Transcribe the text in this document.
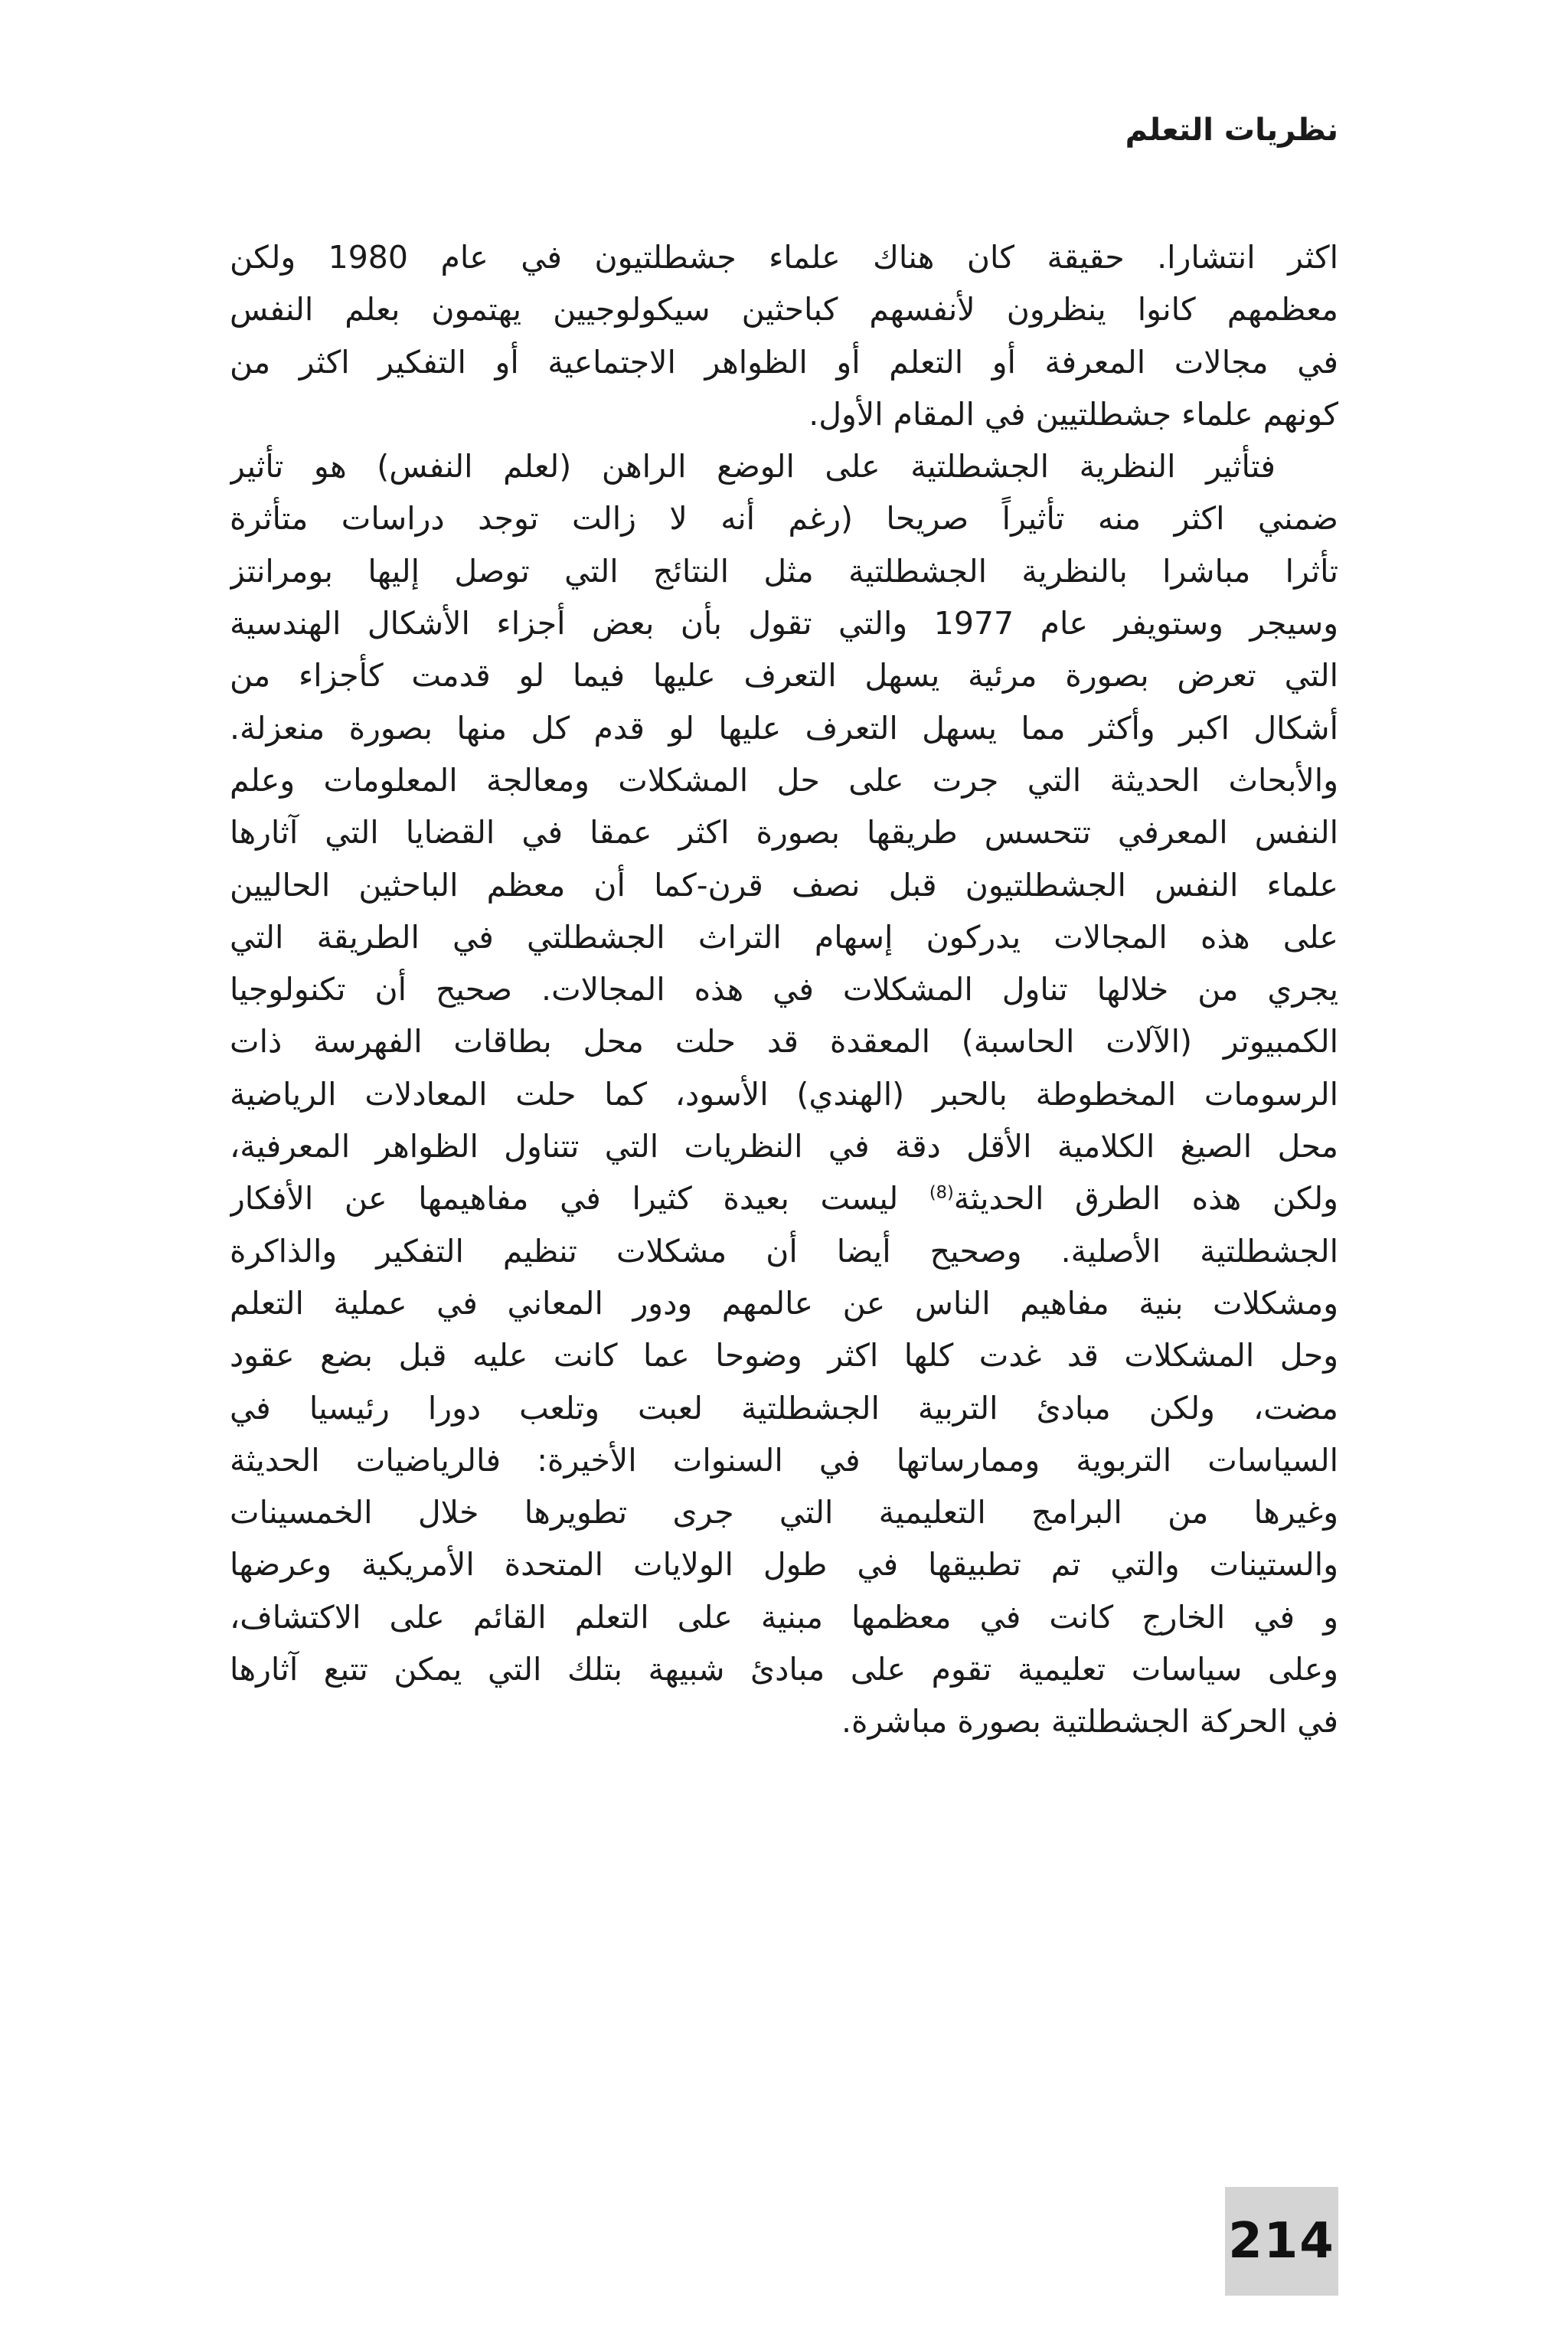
نظريات التعلم
اكثر انتشارا. حقيقة كان هناك علماء جشطلتيون في عام 1980 ولكن
معظمهم كانوا ينظرون لأنفسهم كباحثين سيكولوجيين يهتمون بعلم النفس
في مجالات المعرفة أو التعلم أو الظواهر الاجتماعية أو التفكير اكثر من
كونهم علماء جشطلتيين في المقام الأول.
فتأثير النظرية الجشطلتية على الوضع الراهن (لعلم النفس) هو تأثير
ضمني اكثر منه تأثيراً صريحا (رغم أنه لا زالت توجد دراسات متأثرة
تأثرا مباشرا بالنظرية الجشطلتية مثل النتائج التي توصل إليها بومرانتز
وسيجر وستويفر عام 1977 والتي تقول بأن بعض أجزاء الأشكال الهندسية
التي تعرض بصورة مرئية يسهل التعرف عليها فيما لو قدمت كأجزاء من
أشكال اكبر وأكثر مما يسهل التعرف عليها لو قدم كل منها بصورة منعزلة.
والأبحاث الحديثة التي جرت على حل المشكلات ومعالجة المعلومات وعلم
النفس المعرفي تتحسس طريقها بصورة اكثر عمقا في القضايا التي آثارها
علماء النفس الجشطلتيون قبل نصف قرن-كما أن معظم الباحثين الحاليين
على هذه المجالات يدركون إسهام التراث الجشطلتي في الطريقة التي
يجري من خلالها تناول المشكلات في هذه المجالات. صحيح أن تكنولوجيا
الكمبيوتر (الآلات الحاسبة) المعقدة قد حلت محل بطاقات الفهرسة ذات
الرسومات المخطوطة بالحبر (الهندي) الأسود، كما حلت المعادلات الرياضية
محل الصيغ الكلامية الأقل دقة في النظريات التي تتناول الظواهر المعرفية،
ولكن هذه الطرق الحديثة$^{(8)}$ ليست بعيدة كثيرا في مفاهيمها عن الأفكار
الجشطلتية الأصلية. وصحيح أيضا أن مشكلات تنظيم التفكير والذاكرة
ومشكلات بنية مفاهيم الناس عن عالمهم ودور المعاني في عملية التعلم
وحل المشكلات قد غدت كلها اكثر وضوحا عما كانت عليه قبل بضع عقود
مضت، ولكن مبادئ التربية الجشطلتية لعبت وتلعب دورا رئيسيا في
السياسات التربوية وممارساتها في السنوات الأخيرة: فالرياضيات الحديثة
وغيرها من البرامج التعليمية التي جرى تطويرها خلال الخمسينات
والستينات والتي تم تطبيقها في طول الولايات المتحدة الأمريكية وعرضها
و في الخارج كانت في معظمها مبنية على التعلم القائم على الاكتشاف،
وعلى سياسات تعليمية تقوم على مبادئ شبيهة بتلك التي يمكن تتبع آثارها
في الحركة الجشطلتية بصورة مباشرة.
214
